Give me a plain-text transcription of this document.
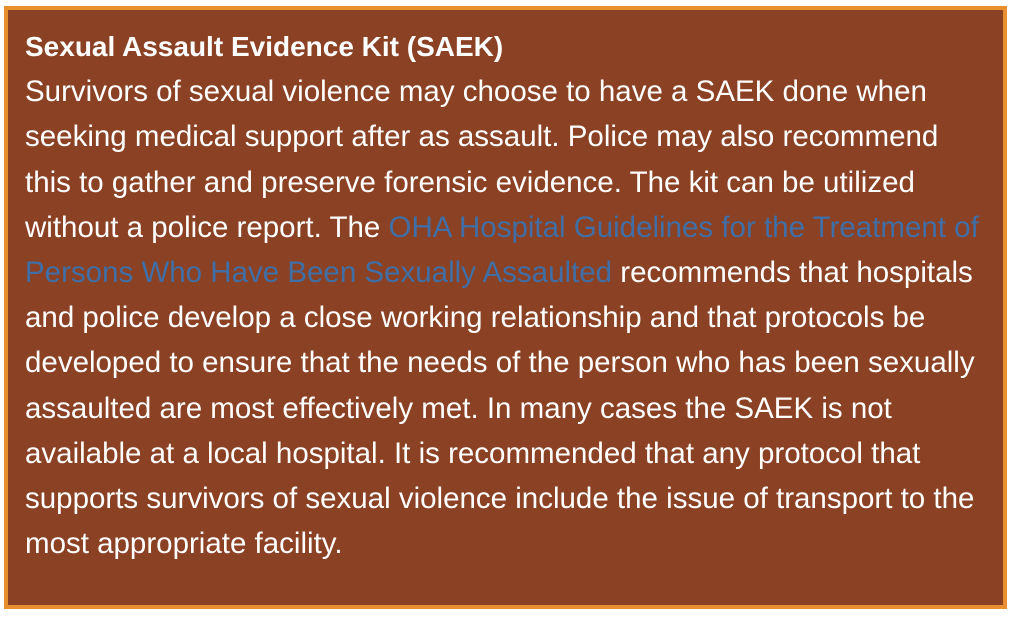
Sexual Assault Evidence Kit (SAEK)
Survivors of sexual violence may choose to have a SAEK done when seeking medical support after as assault. Police may also recommend this to gather and preserve forensic evidence. The kit can be utilized without a police report. The OHA Hospital Guidelines for the Treatment of Persons Who Have Been Sexually Assaulted recommends that hospitals and police develop a close working relationship and that protocols be developed to ensure that the needs of the person who has been sexually assaulted are most effectively met. In many cases the SAEK is not available at a local hospital. It is recommended that any protocol that supports survivors of sexual violence include the issue of transport to the most appropriate facility.
